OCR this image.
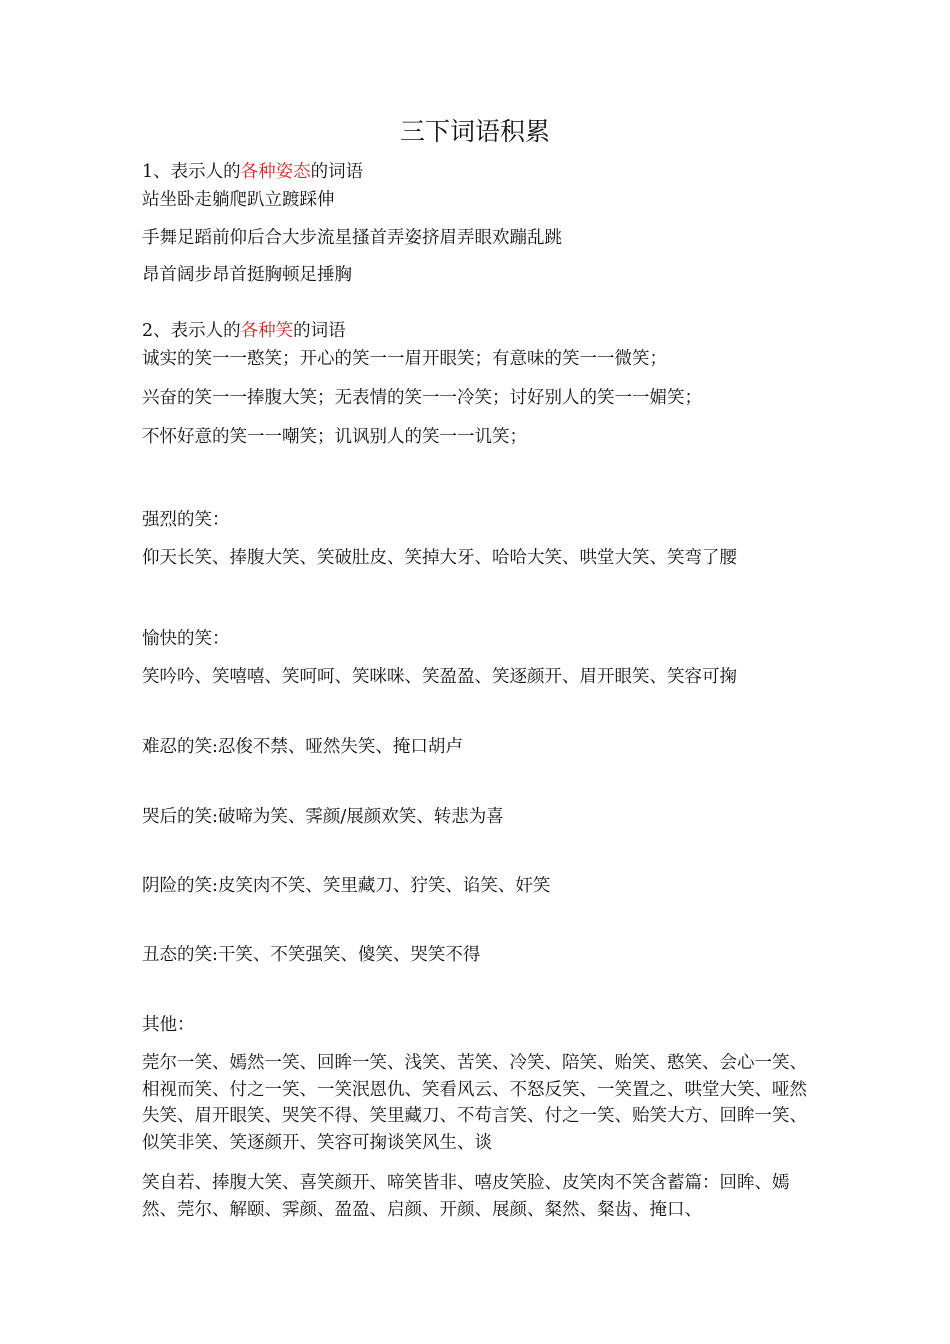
三下词语积累
1、表示人的各种姿态的词语
站坐卧走躺爬趴立踱踩伸
手舞足蹈前仰后合大步流星搔首弄姿挤眉弄眼欢蹦乱跳
昂首阔步昂首挺胸顿足捶胸
2、表示人的各种笑的词语
诚实的笑一一憨笑；开心的笑一一眉开眼笑；有意味的笑一一微笑；
兴奋的笑一一捧腹大笑；无表情的笑一一冷笑；讨好别人的笑一一媚笑；
不怀好意的笑一一嘲笑；讥讽别人的笑一一讥笑；
强烈的笑：
仰天长笑、捧腹大笑、笑破肚皮、笑掉大牙、哈哈大笑、哄堂大笑、笑弯了腰
愉快的笑：
笑吟吟、笑嘻嘻、笑呵呵、笑咪咪、笑盈盈、笑逐颜开、眉开眼笑、笑容可掬
难忍的笑:忍俊不禁、哑然失笑、掩口胡卢
哭后的笑:破啼为笑、霁颜/展颜欢笑、转悲为喜
阴险的笑:皮笑肉不笑、笑里藏刀、狞笑、谄笑、奸笑
丑态的笑:干笑、不笑强笑、傻笑、哭笑不得
其他：
莞尔一笑、嫣然一笑、回眸一笑、浅笑、苦笑、冷笑、陪笑、贻笑、憨笑、会心一笑、相视而笑、付之一笑、一笑泯恩仇、笑看风云、不怒反笑、一笑置之、哄堂大笑、哑然失笑、眉开眼笑、哭笑不得、笑里藏刀、不苟言笑、付之一笑、贻笑大方、回眸一笑、似笑非笑、笑逐颜开、笑容可掬谈笑风生、谈
笑自若、捧腹大笑、喜笑颜开、啼笑皆非、嘻皮笑脸、皮笑肉不笑含蓄篇：回眸、嫣然、莞尔、解颐、霁颜、盈盈、启颜、开颜、展颜、粲然、粲齿、掩口、
